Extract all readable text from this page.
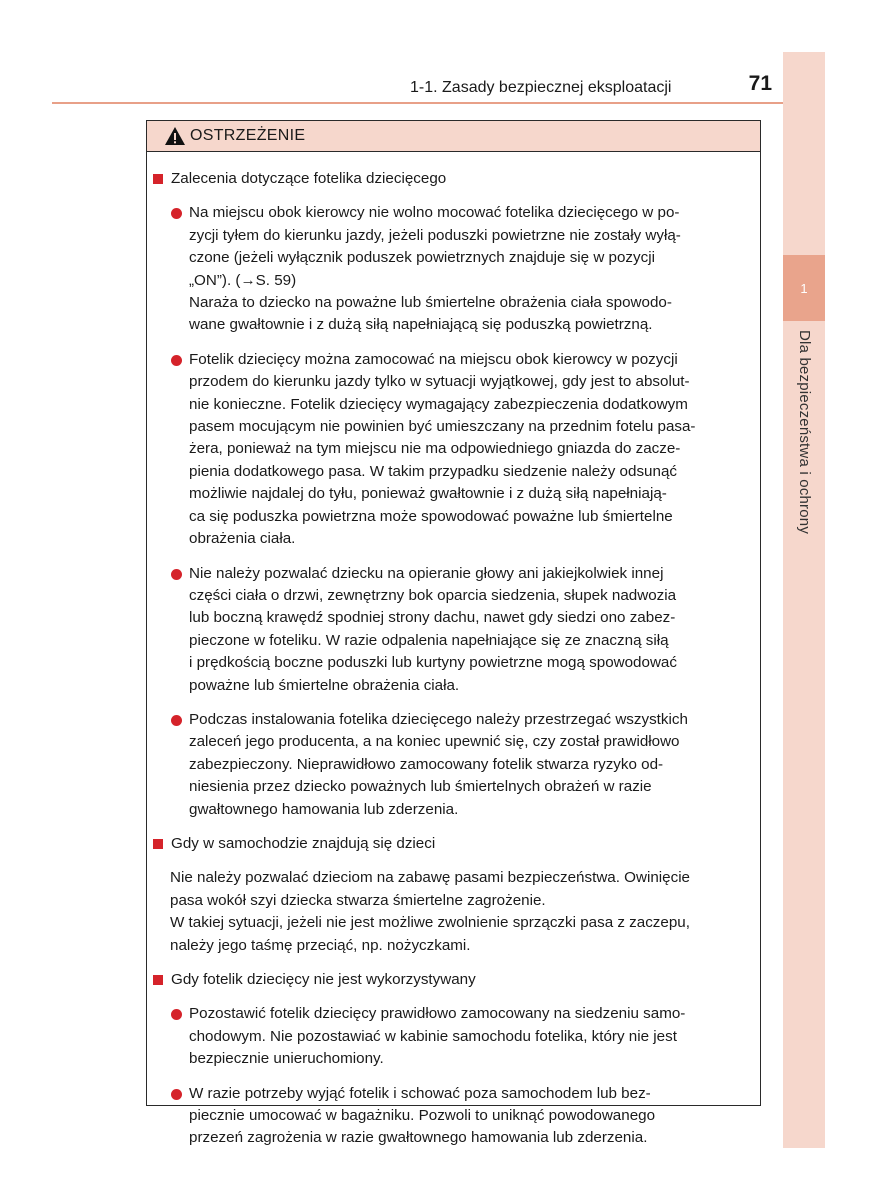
1
Dla bezpieczeństwa i ochrony
1-1. Zasady bezpiecznej eksploatacji	71
OSTRZEŻENIE
Zalecenia dotyczące fotelika dziecięcego
Na miejscu obok kierowcy nie wolno mocować fotelika dziecięcego w po-
zycji tyłem do kierunku jazdy, jeżeli poduszki powietrzne nie zostały wyłą-
czone (jeżeli wyłącznik poduszek powietrznych znajduje się w pozycji
„ON”). (→S. 59)
Naraża to dziecko na poważne lub śmiertelne obrażenia ciała spowodo-
wane gwałtownie i z dużą siłą napełniającą się poduszką powietrzną.
Fotelik dziecięcy można zamocować na miejscu obok kierowcy w pozycji
przodem do kierunku jazdy tylko w sytuacji wyjątkowej, gdy jest to absolut-
nie konieczne. Fotelik dziecięcy wymagający zabezpieczenia dodatkowym
pasem mocującym nie powinien być umieszczany na przednim fotelu pasa-
żera, ponieważ na tym miejscu nie ma odpowiedniego gniazda do zacze-
pienia dodatkowego pasa. W takim przypadku siedzenie należy odsunąć
możliwie najdalej do tyłu, ponieważ gwałtownie i z dużą siłą napełniają-
ca się poduszka powietrzna może spowodować poważne lub śmiertelne
obrażenia ciała.
Nie należy pozwalać dziecku na opieranie głowy ani jakiejkolwiek innej
części ciała o drzwi, zewnętrzny bok oparcia siedzenia, słupek nadwozia
lub boczną krawędź spodniej strony dachu, nawet gdy siedzi ono zabez-
pieczone w foteliku. W razie odpalenia napełniające się ze znaczną siłą
i prędkością boczne poduszki lub kurtyny powietrzne mogą spowodować
poważne lub śmiertelne obrażenia ciała.
Podczas instalowania fotelika dziecięcego należy przestrzegać wszystkich
zaleceń jego producenta, a na koniec upewnić się, czy został prawidłowo
zabezpieczony. Nieprawidłowo zamocowany fotelik stwarza ryzyko od-
niesienia przez dziecko poważnych lub śmiertelnych obrażeń w razie
gwałtownego hamowania lub zderzenia.
Gdy w samochodzie znajdują się dzieci
Nie należy pozwalać dzieciom na zabawę pasami bezpieczeństwa. Owinięcie
pasa wokół szyi dziecka stwarza śmiertelne zagrożenie.
W takiej sytuacji, jeżeli nie jest możliwe zwolnienie sprzączki pasa z zaczepu,
należy jego taśmę przeciąć, np. nożyczkami.
Gdy fotelik dziecięcy nie jest wykorzystywany
Pozostawić fotelik dziecięcy prawidłowo zamocowany na siedzeniu samo-
chodowym. Nie pozostawiać w kabinie samochodu fotelika, który nie jest
bezpiecznie unieruchomiony.
W razie potrzeby wyjąć fotelik i schować poza samochodem lub bez-
piecznie umocować w bagażniku. Pozwoli to uniknąć powodowanego
przezeń zagrożenia w razie gwałtownego hamowania lub zderzenia.
